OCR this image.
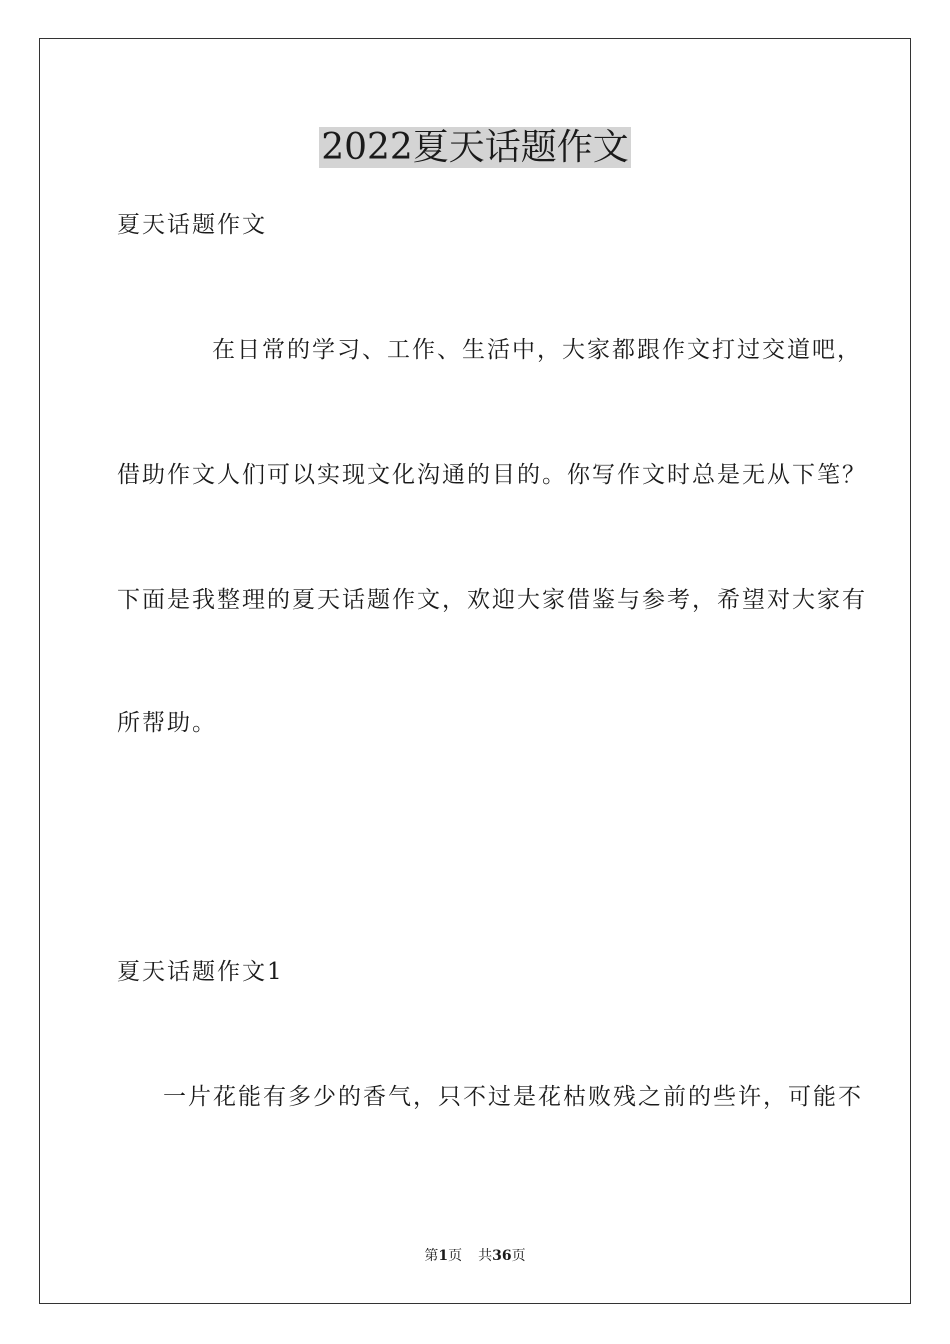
2022夏天话题作文
夏天话题作文
在日常的学习、工作、生活中，大家都跟作文打过交道吧，
借助作文人们可以实现文化沟通的目的。你写作文时总是无从下笔？
下面是我整理的夏天话题作文，欢迎大家借鉴与参考，希望对大家有
所帮助。
夏天话题作文1
一片花能有多少的香气，只不过是花枯败残之前的些许，可能不
第1页 共36页
